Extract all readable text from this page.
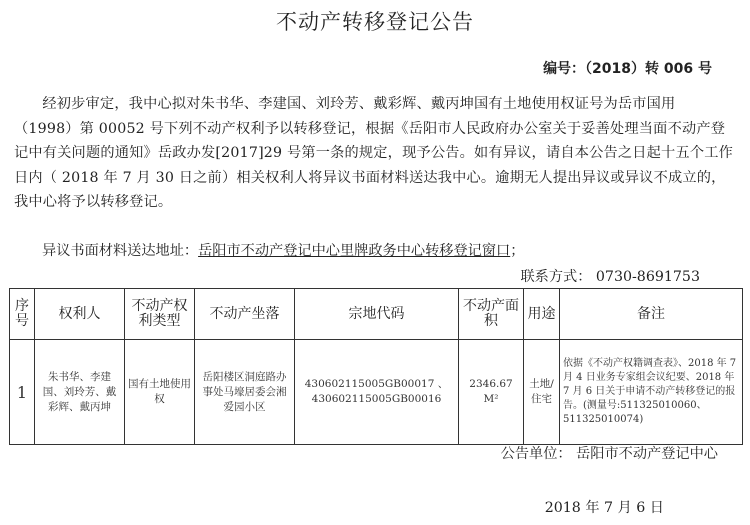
不动产转移登记公告
编号：（2018）转 006 号
经初步审定，我中心拟对朱书华、李建国、刘玲芳、戴彩辉、戴丙坤国有土地使用权证号为岳市国用（1998）第 00052 号下列不动产权利予以转移登记，根据《岳阳市人民政府办公室关于妥善处理当面不动产登记中有关问题的通知》岳政办发[2017]29 号第一条的规定，现予公告。如有异议，请自本公告之日起十五个工作日内（ 2018 年 7 月 30 日之前）相关权利人将异议书面材料送达我中心。逾期无人提出异议或异议不成立的，我中心将予以转移登记。
异议书面材料送达地址：岳阳市不动产登记中心里牌政务中心转移登记窗口；
联系方式： 0730-8691753
序号	权利人	不动产权利类型	不动产坐落	宗地代码	不动产面积	用途	备注
1	朱书华、李建国、刘玲芳、戴彩辉、戴丙坤	国有土地使用权	岳阳楼区洞庭路办事处马壕居委会湘爱园小区	430602115005GB00017 、430602115005GB00016	2346.67 M²	土地/住宅	依据《不动产权籍调查表》、2018 年 7 月 4 日业务专家组会议纪要、2018 年 7 月 6 日关于申请不动产转移登记的报告。(测量号:511325010060、511325010074)
公告单位： 岳阳市不动产登记中心
2018 年 7 月 6 日
